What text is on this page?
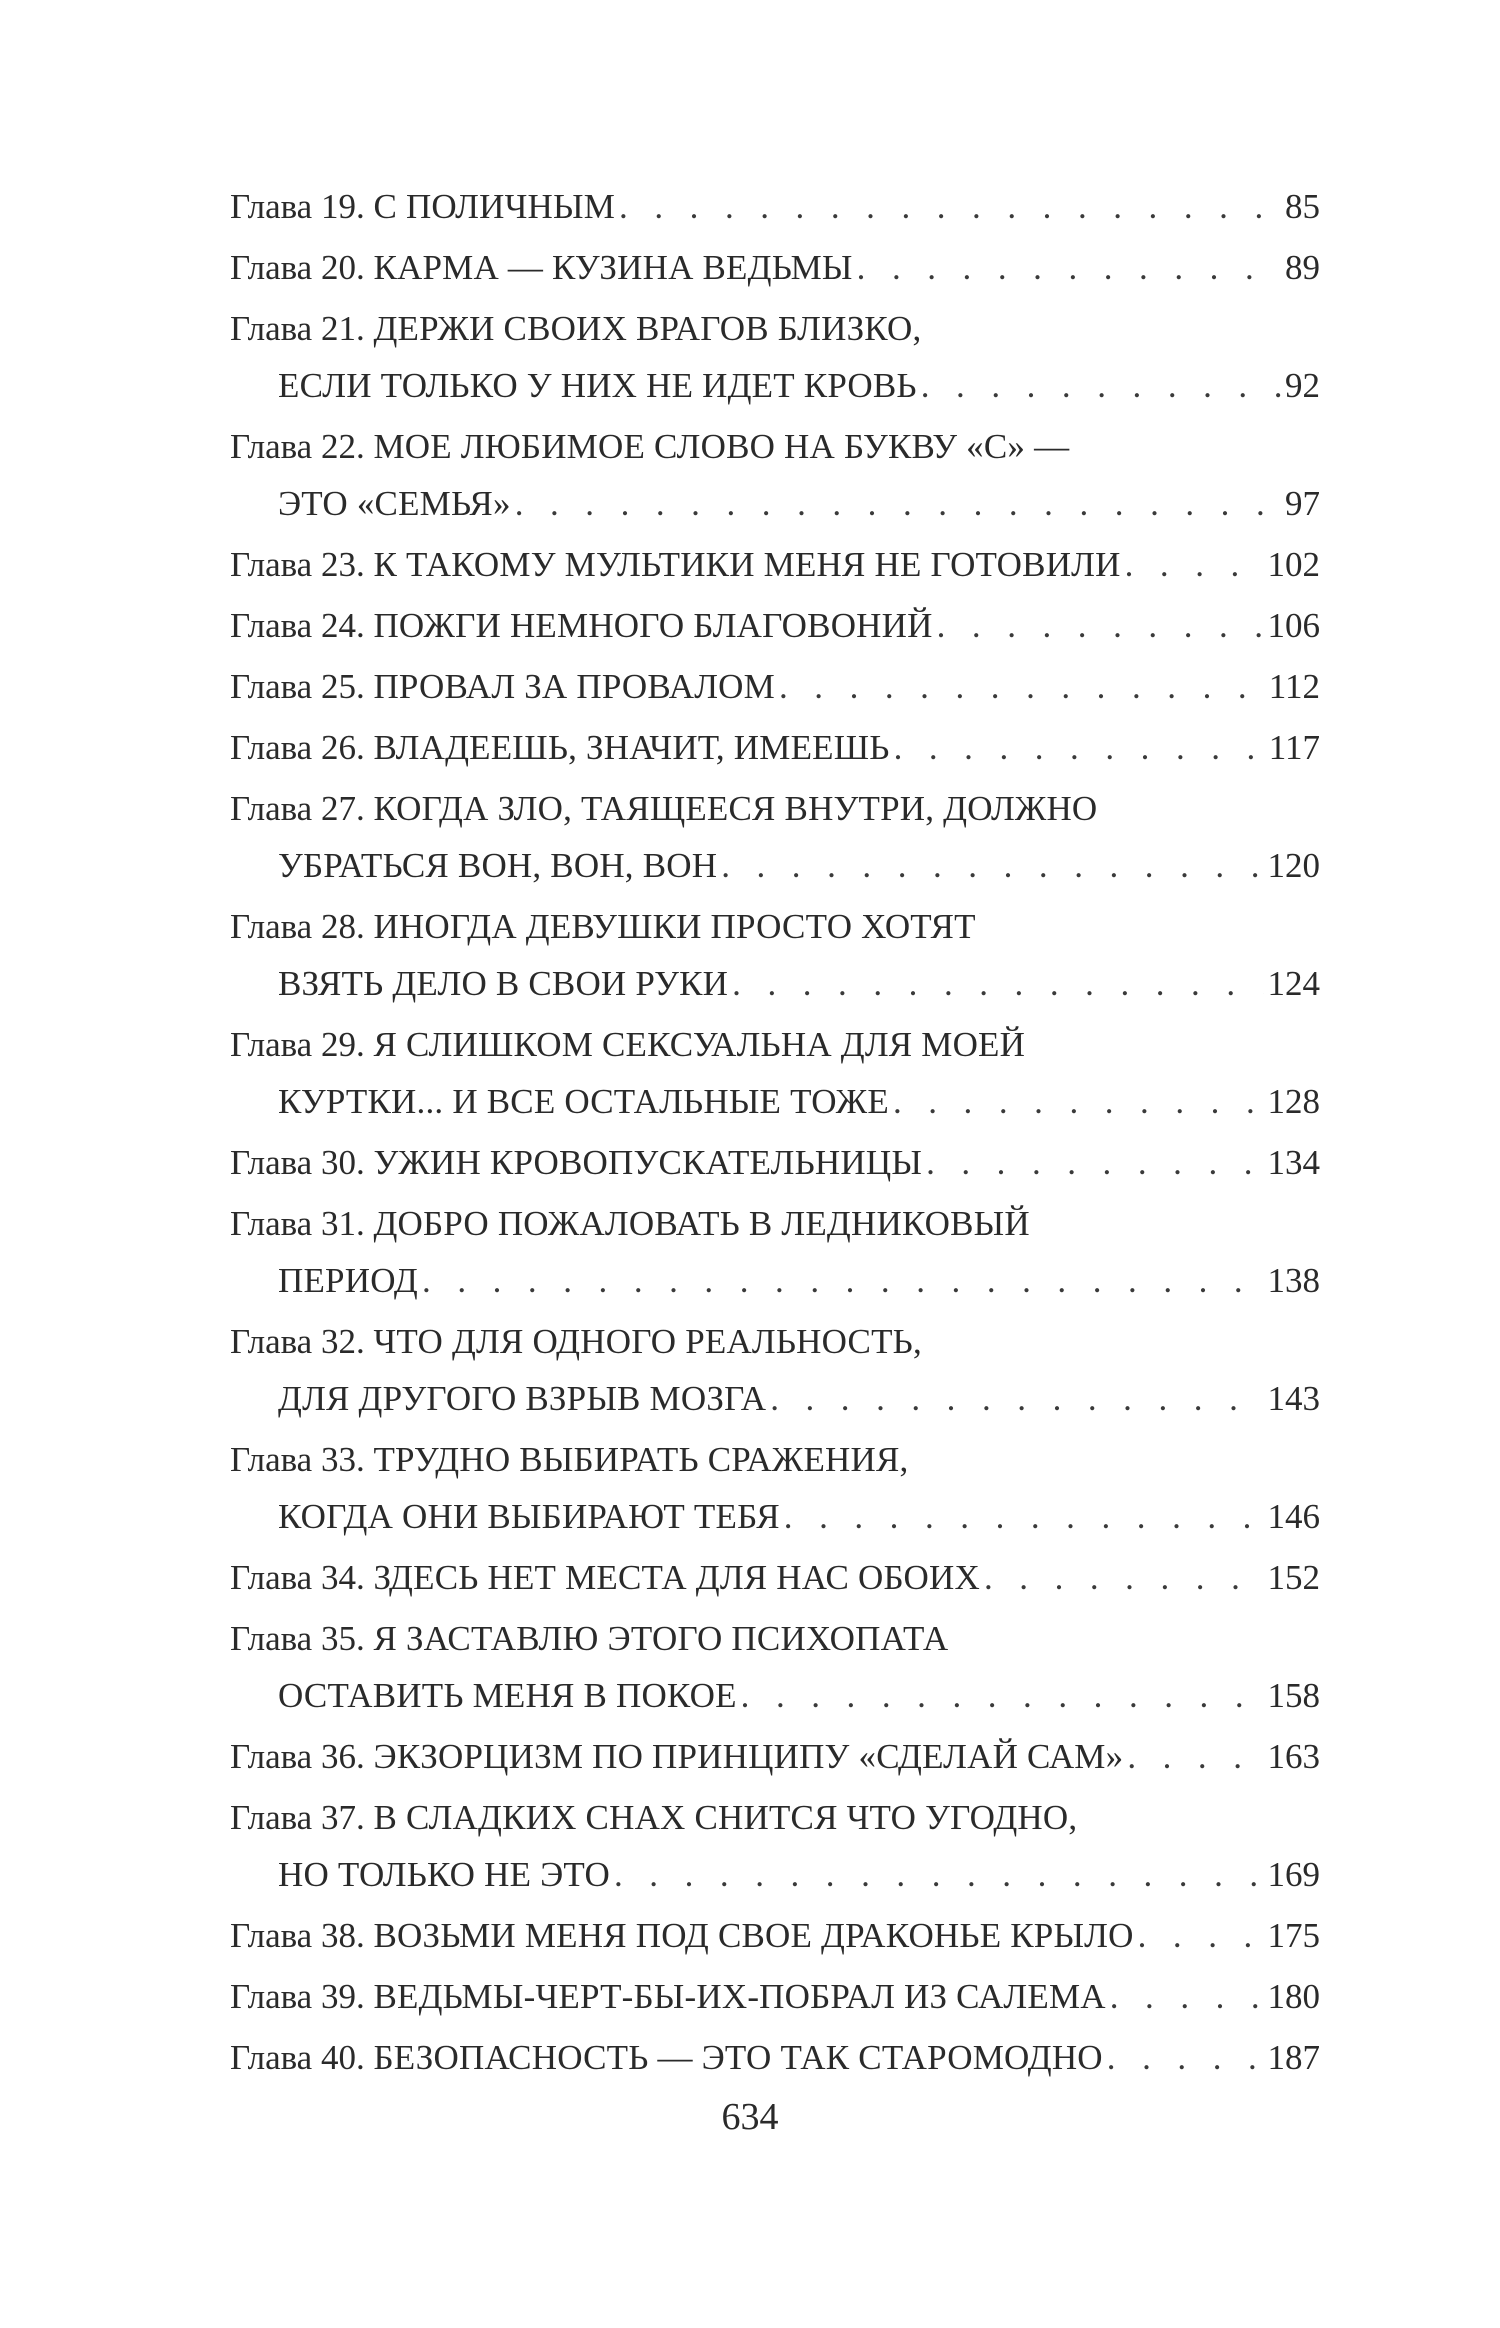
Глава 19.
С ПОЛИЧНЫМ . . .	85
Глава 20.
КАРМА — КУЗИНА ВЕДЬМЫ . . .	89
Глава 21.
ДЕРЖИ СВОИХ ВРАГОВ БЛИЗКО,
ЕСЛИ ТОЛЬКО У НИХ НЕ ИДЕТ КРОВЬ . . .	92
Глава 22.
МОЕ ЛЮБИМОЕ СЛОВО НА БУКВУ «С» —
ЭТО «СЕМЬЯ» . . .	97
Глава 23.
К ТАКОМУ МУЛЬТИКИ МЕНЯ НЕ ГОТОВИЛИ . . .	102
Глава 24.
ПОЖГИ НЕМНОГО БЛАГОВОНИЙ . . .	106
Глава 25.
ПРОВАЛ ЗА ПРОВАЛОМ . . .	112
Глава 26.
ВЛАДЕЕШЬ, ЗНАЧИТ, ИМЕЕШЬ . . .	117
Глава 27.
КОГДА ЗЛО, ТАЯЩЕЕСЯ ВНУТРИ, ДОЛЖНО
УБРАТЬСЯ ВОН, ВОН, ВОН . . .	120
Глава 28.
ИНОГДА ДЕВУШКИ ПРОСТО ХОТЯТ
ВЗЯТЬ ДЕЛО В СВОИ РУКИ . . .	124
Глава 29.
Я СЛИШКОМ СЕКСУАЛЬНА ДЛЯ МОЕЙ
КУРТКИ... И ВСЕ ОСТАЛЬНЫЕ ТОЖЕ . . .	128
Глава 30.
УЖИН КРОВОПУСКАТЕЛЬНИЦЫ . . .	134
Глава 31.
ДОБРО ПОЖАЛОВАТЬ В ЛЕДНИКОВЫЙ
ПЕРИОД . . .	138
Глава 32.
ЧТО ДЛЯ ОДНОГО РЕАЛЬНОСТЬ,
ДЛЯ ДРУГОГО ВЗРЫВ МОЗГА . . .	143
Глава 33.
ТРУДНО ВЫБИРАТЬ СРАЖЕНИЯ,
КОГДА ОНИ ВЫБИРАЮТ ТЕБЯ . . .	146
Глава 34.
ЗДЕСЬ НЕТ МЕСТА ДЛЯ НАС ОБОИХ . . .	152
Глава 35.
Я ЗАСТАВЛЮ ЭТОГО ПСИХОПАТА
ОСТАВИТЬ МЕНЯ В ПОКОЕ . . .	158
Глава 36.
ЭКЗОРЦИЗМ ПО ПРИНЦИПУ «СДЕЛАЙ САМ» . . .	163
Глава 37.
В СЛАДКИХ СНАХ СНИТСЯ ЧТО УГОДНО,
НО ТОЛЬКО НЕ ЭТО . . .	169
Глава 38.
ВОЗЬМИ МЕНЯ ПОД СВОЕ ДРАКОНЬЕ КРЫЛО . . .	175
Глава 39.
ВЕДЬМЫ-ЧЕРТ-БЫ-ИХ-ПОБРАЛ ИЗ САЛЕМА . . .	180
Глава 40.
БЕЗОПАСНОСТЬ — ЭТО ТАК СТАРОМОДНО . . .	187
634
